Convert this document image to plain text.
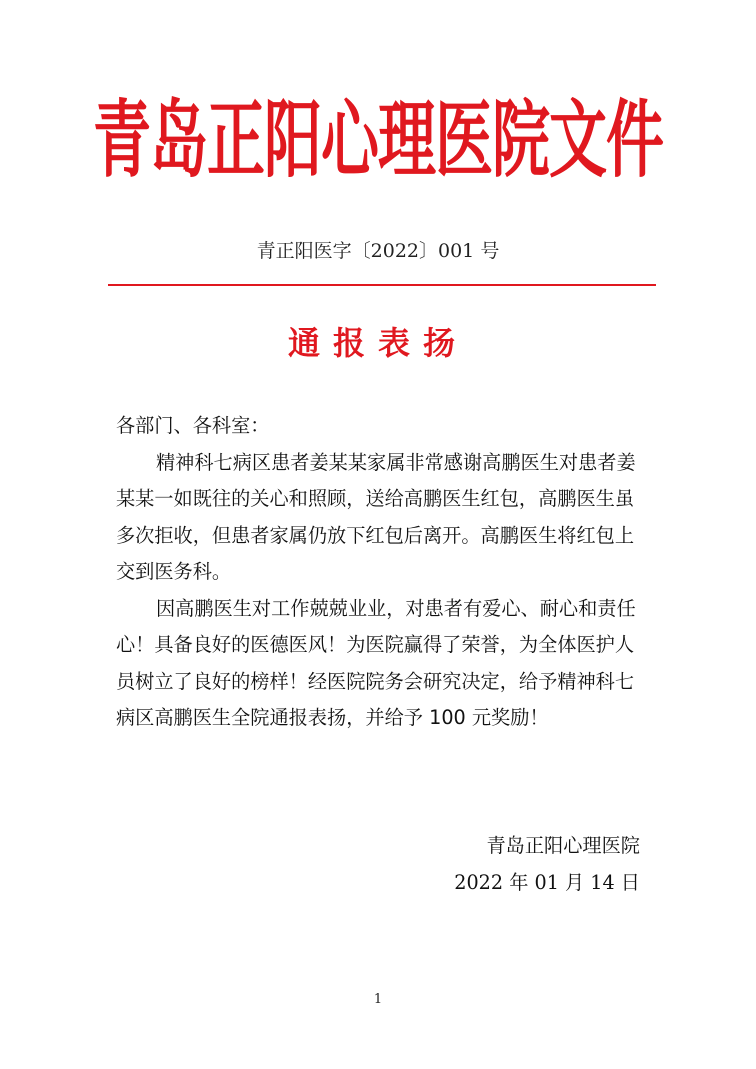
青岛正阳心理医院文件
青正阳医字〔2022〕001 号
通报表扬

各部门、各科室：

精神科七病区患者姜某某家属非常感谢高鹏医生对患者姜某某一如既往的关心和照顾，送给高鹏医生红包，高鹏医生虽多次拒收，但患者家属仍放下红包后离开。高鹏医生将红包上交到医务科。

因高鹏医生对工作兢兢业业，对患者有爱心、耐心和责任心！具备良好的医德医风！为医院赢得了荣誉，为全体医护人员树立了良好的榜样！经医院院务会研究决定，给予精神科七病区高鹏医生全院通报表扬，并给予 100 元奖励！

青岛正阳心理医院
2022 年 01 月 14 日
1
